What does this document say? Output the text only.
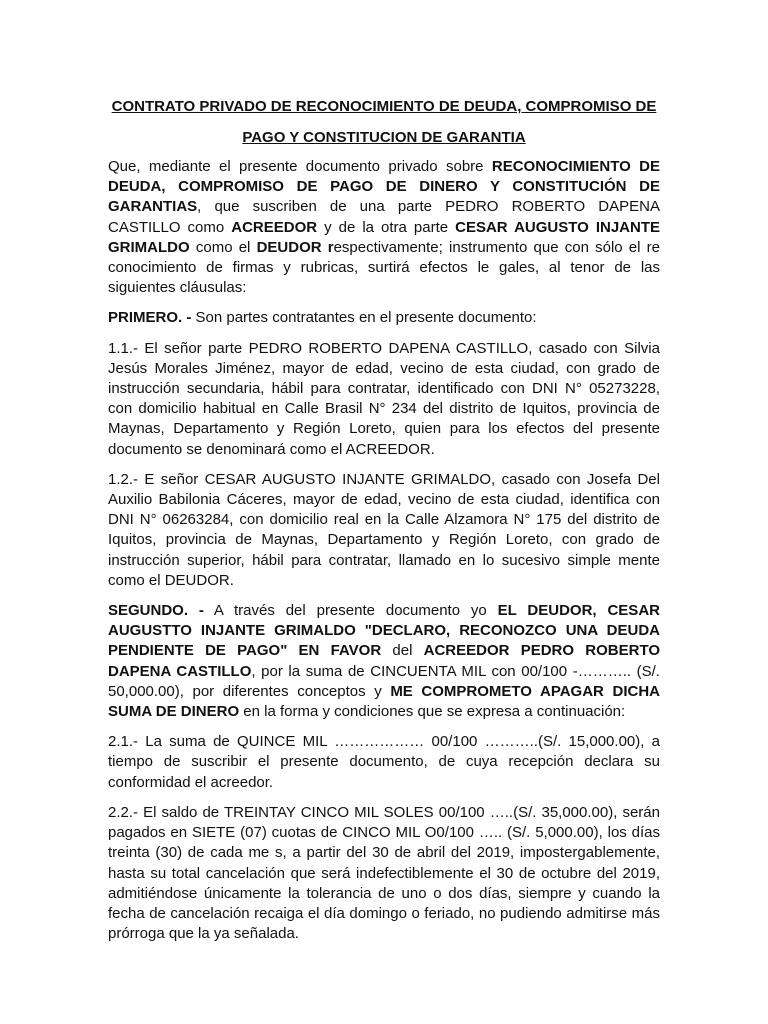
CONTRATO PRIVADO DE RECONOCIMIENTO DE DEUDA, COMPROMISO DE
PAGO Y CONSTITUCION DE GARANTIA

Que, mediante el presente documento privado sobre RECONOCIMIENTO DE DEUDA, COMPROMISO DE PAGO DE DINERO Y CONSTITUCIÓN DE GARANTIAS, que suscriben de una parte PEDRO ROBERTO DAPENA CASTILLO como ACREEDOR y de la otra parte CESAR AUGUSTO INJANTE GRIMALDO como el DEUDOR respectivamente; instrumento que con sólo el re conocimiento de firmas y rubricas, surtirá efectos le gales, al tenor de las siguientes cláusulas:

PRIMERO. - Son partes contratantes en el presente documento:

1.1.- El señor parte PEDRO ROBERTO DAPENA CASTILLO, casado con Silvia Jesús Morales Jiménez, mayor de edad, vecino de esta ciudad, con grado de instrucción secundaria, hábil para contratar, identificado con DNI N° 05273228, con domicilio habitual en Calle Brasil N° 234 del distrito de Iquitos, provincia de Maynas, Departamento y Región Loreto, quien para los efectos del presente documento se denominará como el ACREEDOR.

1.2.- E señor CESAR AUGUSTO INJANTE GRIMALDO, casado con Josefa Del Auxilio Babilonia Cáceres, mayor de edad, vecino de esta ciudad, identifica con DNI N° 06263284, con domicilio real en la Calle Alzamora N° 175 del distrito de Iquitos, provincia de Maynas, Departamento y Región Loreto, con grado de instrucción superior, hábil para contratar, llamado en lo sucesivo simple mente como el DEUDOR.

SEGUNDO. - A través del presente documento yo EL DEUDOR, CESAR AUGUSTTO INJANTE GRIMALDO "DECLARO, RECONOZCO UNA DEUDA PENDIENTE DE PAGO" EN FAVOR del ACREEDOR PEDRO ROBERTO DAPENA CASTILLO, por la suma de CINCUENTA MIL con 00/100 -……….. (S/. 50,000.00), por diferentes conceptos y ME COMPROMETO APAGAR DICHA SUMA DE DINERO en la forma y condiciones que se expresa a continuación:

2.1.- La suma de QUINCE MIL ……………… 00/100 ………..(S/. 15,000.00), a tiempo de suscribir el presente documento, de cuya recepción declara su conformidad el acreedor.

2.2.- El saldo de TREINTAY CINCO MIL SOLES 00/100 …..(S/. 35,000.00), serán pagados en SIETE (07) cuotas de CINCO MIL O0/100 ….. (S/. 5,000.00), los días treinta (30) de cada me s, a partir del 30 de abril del 2019, impostergablemente, hasta su total cancelación que será indefectiblemente el 30 de octubre del 2019, admitiéndose únicamente la tolerancia de uno o dos días, siempre y cuando la fecha de cancelación recaiga el día domingo o feriado, no pudiendo admitirse más prórroga que la ya señalada.
